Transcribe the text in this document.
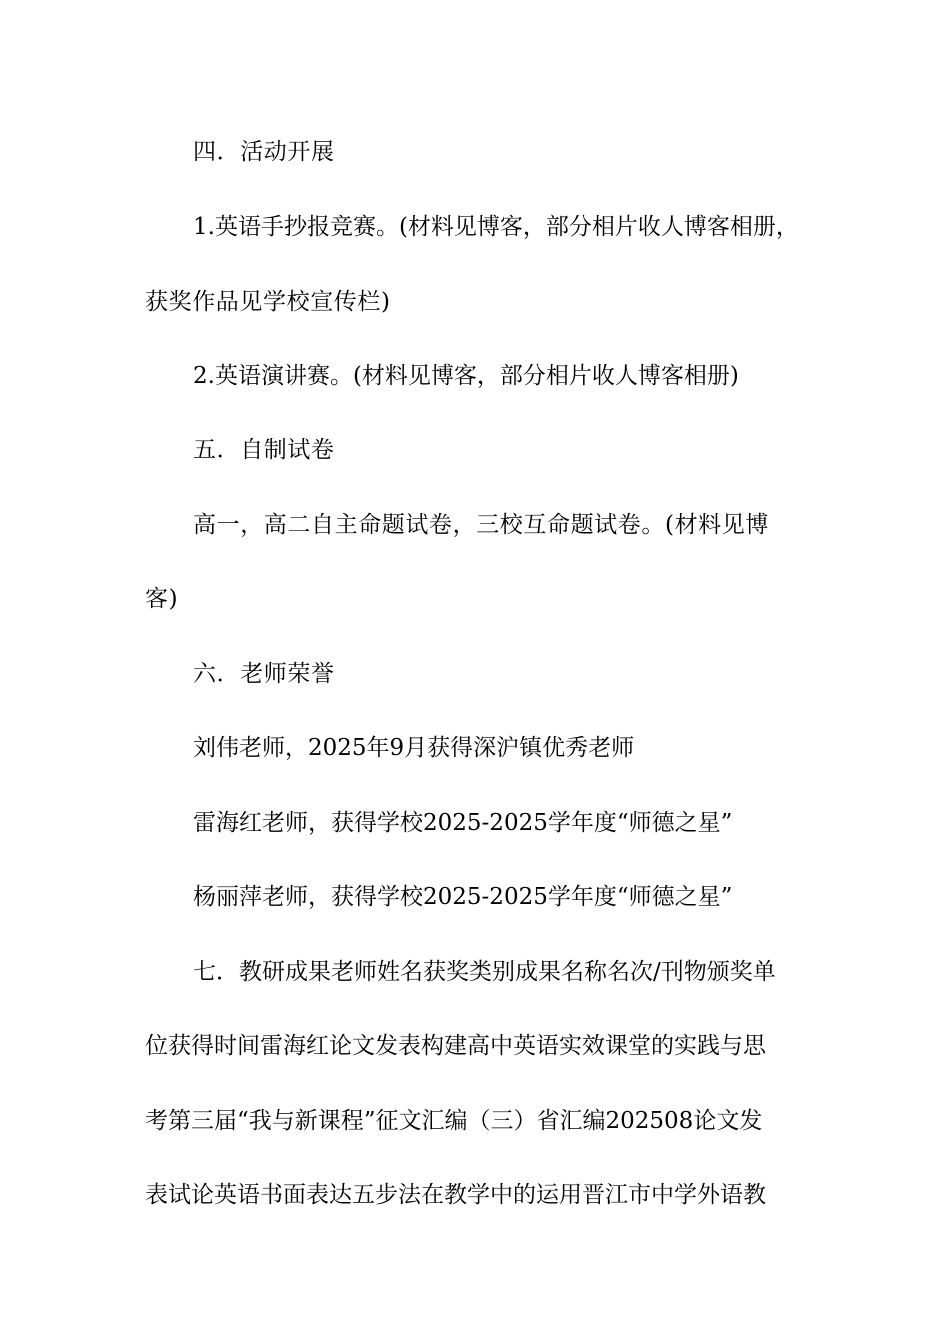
四．活动开展
1.英语手抄报竞赛。(材料见博客，部分相片收人博客相册，
获奖作品见学校宣传栏)
2.英语演讲赛。(材料见博客，部分相片收人博客相册)
五．自制试卷
高一，高二自主命题试卷，三校互命题试卷。(材料见博
客)
六．老师荣誉
刘伟老师，2025年9月获得深沪镇优秀老师
雷海红老师，获得学校2025-2025学年度“师德之星”
杨丽萍老师，获得学校2025-2025学年度“师德之星”
七．教研成果老师姓名获奖类别成果名称名次/刊物颁奖单
位获得时间雷海红论文发表构建高中英语实效课堂的实践与思
考第三届“我与新课程”征文汇编（三）省汇编202508论文发
表试论英语书面表达五步法在教学中的运用晋江市中学外语教
